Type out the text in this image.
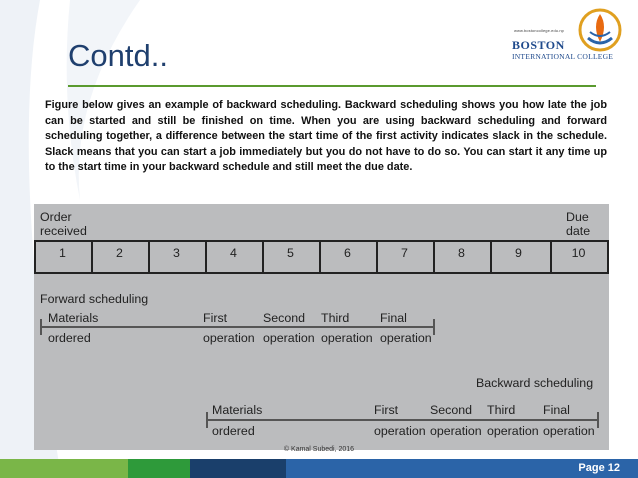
Contd..
www.bostoncollege.edu.np
BOSTON
INTERNATIONAL COLLEGE
Figure below gives an example of backward scheduling. Backward scheduling shows you how late the job can be started and still be finished on time. When you are using backward scheduling and forward scheduling together, a difference between the start time of the first activity indicates slack in the schedule. Slack means that you can start a job immediately but you do not have to do so. You can start it any time up to the start time in your backward schedule and still meet the due date.
Order
received
Due
date
1	2	3	4	5	6	7	8	9	10
Forward scheduling
Materials
ordered
First
operation
Second
operation
Third
operation
Final
operation
Backward scheduling
Materials
ordered
First
operation
Second
operation
Third
operation
Final
operation
© Kamal Subedi, 2016
Page 12
